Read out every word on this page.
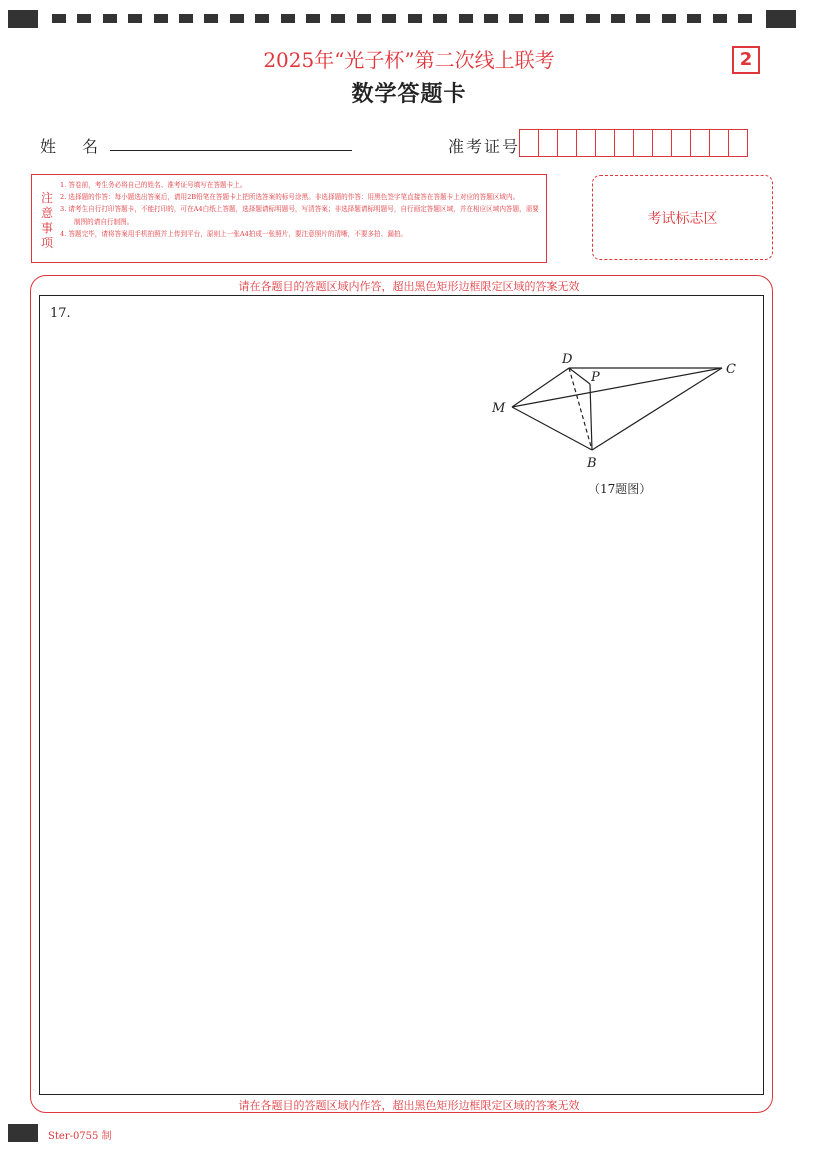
2025年“光子杯”第二次线上联考
数学答题卡
2
姓名	准考证号
注意事项
1. 答卷前，考生务必将自己的姓名、准考证号填写在答题卡上。
2. 选择题的作答：每小题选出答案后，请用2B铅笔在答题卡上把所选答案的标号涂黑。非选择题的作答：用黑色签字笔直接答在答题卡上对应的答题区域内。
3. 请考生自行打印答题卡，不能打印的，可在A4白纸上答题，选择题请标明题号，写清答案；非选择题请标明题号，自行画定答题区域，并在相应区域内答题，需要制图的请自行制图。
4. 答题完毕，请将答案用手机拍照并上传到平台，原则上一张A4拍成一张照片，要注意照片的清晰，不要多拍、漏拍。
考试标志区
请在各题目的答题区域内作答，超出黑色矩形边框限定区域的答案无效
17.
D
P
C
M
B
（17题图）
请在各题目的答题区域内作答，超出黑色矩形边框限定区域的答案无效
Ster-0755 制
